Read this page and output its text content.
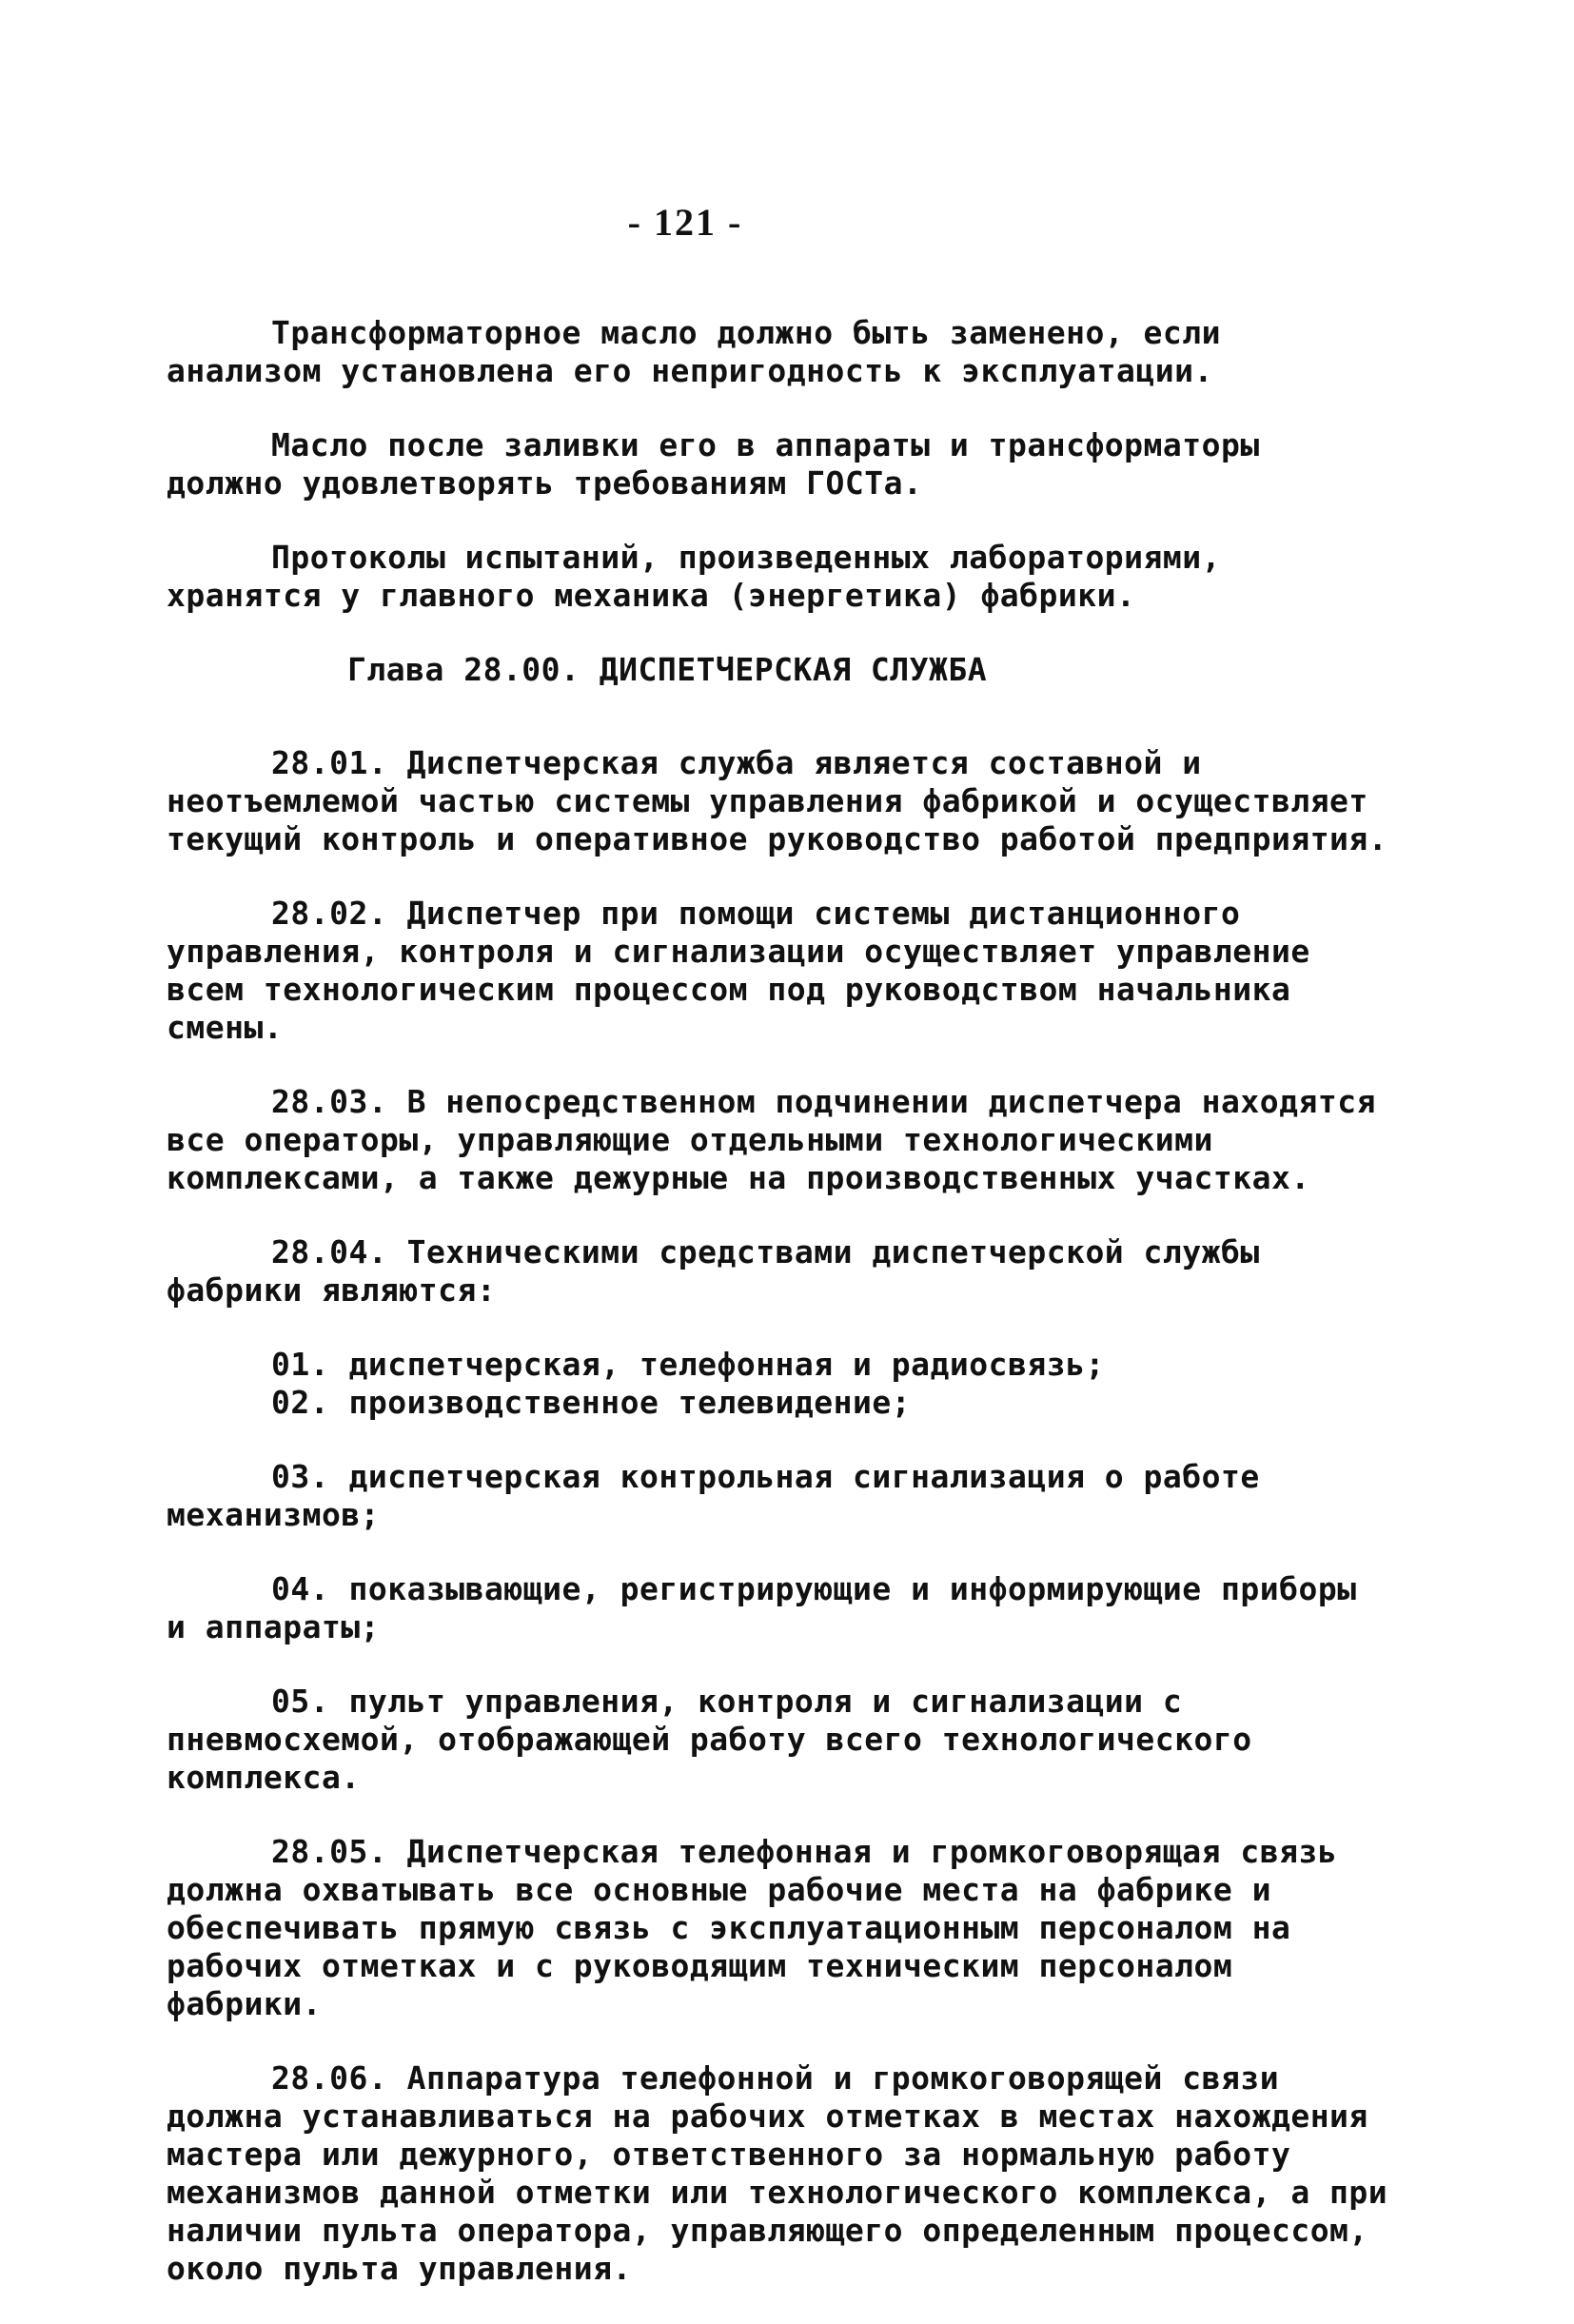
- 121 -

Трансформаторное масло должно быть заменено, если анализом установлена его непригодность к эксплуатации.

Масло после заливки его в аппараты и трансформаторы должно удовлетворять требованиям ГОСТа.

Протоколы испытаний, произведенных лабораториями, хранятся у главного механика (энергетика) фабрики.

Глава 28.00. ДИСПЕТЧЕРСКАЯ СЛУЖБА

28.01. Диспетчерская служба является составной и неотъемлемой частью системы управления фабрикой и осуществляет текущий контроль и оперативное руководство работой предприятия.

28.02. Диспетчер при помощи системы дистанционного управления, контроля и сигнализации осуществляет управление всем технологическим процессом под руководством начальника смены.

28.03. В непосредственном подчинении диспетчера находятся все операторы, управляющие отдельными технологическими комплексами, а также дежурные на производственных участках.

28.04. Техническими средствами диспетчерской службы фабрики являются:

01. диспетчерская, телефонная и радиосвязь;

02. производственное телевидение;

03. диспетчерская контрольная сигнализация о работе механизмов;

04. показывающие, регистрирующие и информирующие приборы и аппараты;

05. пульт управления, контроля и сигнализации с пневмосхемой, отображающей работу всего технологического комплекса.

28.05. Диспетчерская телефонная и громкоговорящая связь должна охватывать все основные рабочие места на фабрике и обеспечивать прямую связь с эксплуатационным персоналом на рабочих отметках и с руководящим техническим персоналом фабрики.

28.06. Аппаратура телефонной и громкоговорящей связи должна устанавливаться на рабочих отметках в местах нахождения мастера или дежурного, ответственного за нормальную работу механизмов данной отметки или технологического комплекса, а при наличии пульта оператора, управляющего определенным процессом, около пульта управления.
